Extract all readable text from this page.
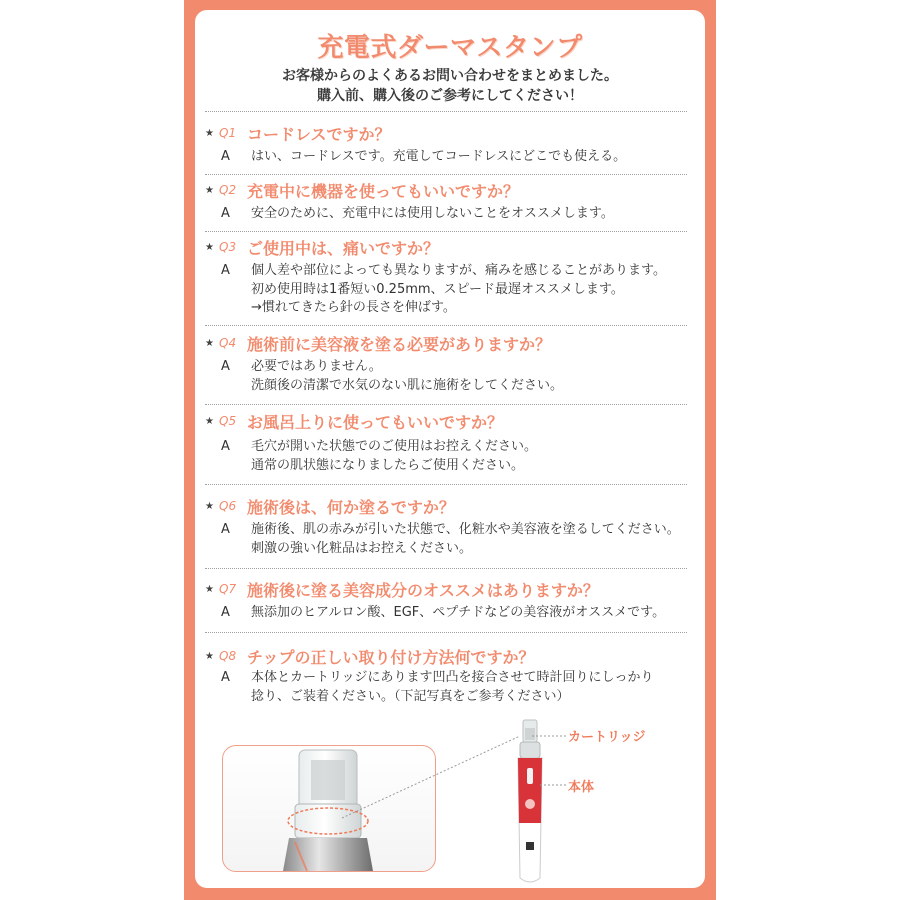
充電式ダーマスタンプ
お客様からのよくあるお問い合わせをまとめました。
購入前、購入後のご参考にしてください！
★ Q1 コードレスですか？
A	はい、コードレスです。充電してコードレスにどこでも使える。
★ Q2 充電中に機器を使ってもいいですか？
A	安全のために、充電中には使用しないことをオススメします。
★ Q3 ご使用中は、痛いですか？
A	個人差や部位によっても異なりますが、痛みを感じることがあります。
初め使用時は1番短い0.25mm、スピード最遅オススメします。
→慣れてきたら針の長さを伸ばす。
★ Q4 施術前に美容液を塗る必要がありますか？
A	必要ではありません。
洗顔後の清潔で水気のない肌に施術をしてください。
★ Q5 お風呂上りに使ってもいいですか？
A	毛穴が開いた状態でのご使用はお控えください。
通常の肌状態になりましたらご使用ください。
★ Q6 施術後は、何か塗るですか？
A	施術後、肌の赤みが引いた状態で、化粧水や美容液を塗るしてください。
刺激の強い化粧品はお控えください。
★ Q7 施術後に塗る美容成分のオススメはありますか？
A	無添加のヒアルロン酸、EGF、ペプチドなどの美容液がオススメです。
★ Q8 チップの正しい取り付け方法何ですか？
A	本体とカートリッジにあります凹凸を接合させて時計回りにしっかり
捻り、ご装着ください。（下記写真をご参考ください）
カートリッジ
本体
